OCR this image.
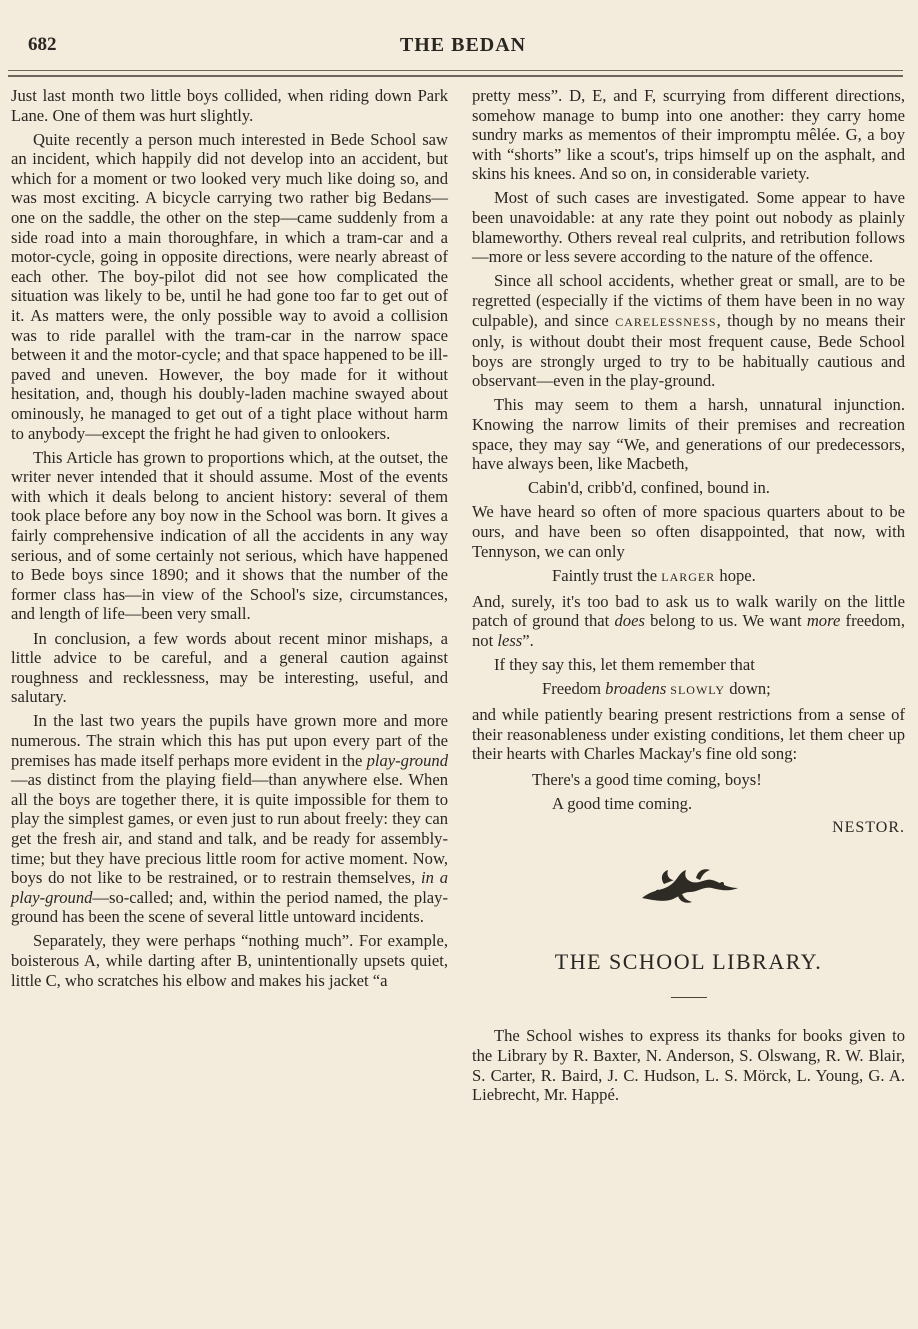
682	THE BEDAN

Just last month two little boys collided, when riding down Park Lane. One of them was hurt slightly.

Quite recently a person much interested in Bede School saw an incident, which happily did not develop into an accident, but which for a moment or two looked very much like doing so, and was most exciting. A bicycle carrying two rather big Bedans—one on the saddle, the other on the step—came suddenly from a side road into a main thoroughfare, in which a tram-car and a motor-cycle, going in opposite directions, were nearly abreast of each other. The boy-pilot did not see how complicated the situation was likely to be, until he had gone too far to get out of it. As matters were, the only possible way to avoid a collision was to ride parallel with the tram-car in the narrow space between it and the motor-cycle; and that space happened to be ill-paved and uneven. However, the boy made for it without hesitation, and, though his doubly-laden machine swayed about ominously, he managed to get out of a tight place without harm to anybody—except the fright he had given to onlookers.

This Article has grown to proportions which, at the outset, the writer never intended that it should assume. Most of the events with which it deals belong to ancient history: several of them took place before any boy now in the School was born. It gives a fairly comprehensive indication of all the accidents in any way serious, and of some certainly not serious, which have happened to Bede boys since 1890; and it shows that the number of the former class has—in view of the School's size, circumstances, and length of life—been very small.

In conclusion, a few words about recent minor mishaps, a little advice to be careful, and a general caution against roughness and recklessness, may be interesting, useful, and salutary.

In the last two years the pupils have grown more and more numerous. The strain which this has put upon every part of the premises has made itself perhaps more evident in the play-ground—as distinct from the playing field—than anywhere else. When all the boys are together there, it is quite impossible for them to play the simplest games, or even just to run about freely: they can get the fresh air, and stand and talk, and be ready for assembly-time; but they have precious little room for active moment. Now, boys do not like to be restrained, or to restrain themselves, in a play-ground—so-called; and, within the period named, the play-ground has been the scene of several little untoward incidents.

Separately, they were perhaps “nothing much”. For example, boisterous A, while darting after B, unintentionally upsets quiet, little C, who scratches his elbow and makes his jacket “a

pretty mess”. D, E, and F, scurrying from different directions, somehow manage to bump into one another: they carry home sundry marks as mementos of their impromptu mêlée. G, a boy with “shorts” like a scout's, trips himself up on the asphalt, and skins his knees. And so on, in considerable variety.

Most of such cases are investigated. Some appear to have been unavoidable: at any rate they point out nobody as plainly blameworthy. Others reveal real culprits, and retribution follows—more or less severe according to the nature of the offence.

Since all school accidents, whether great or small, are to be regretted (especially if the victims of them have been in no way culpable), and since CARELESSNESS, though by no means their only, is without doubt their most frequent cause, Bede School boys are strongly urged to try to be habitually cautious and observant—even in the play-ground.

This may seem to them a harsh, unnatural injunction. Knowing the narrow limits of their premises and recreation space, they may say “We, and generations of our predecessors, have always been, like Macbeth,

Cabin'd, cribb'd, confined, bound in.

We have heard so often of more spacious quarters about to be ours, and have been so often disappointed, that now, with Tennyson, we can only

Faintly trust the LARGER hope.

And, surely, it's too bad to ask us to walk warily on the little patch of ground that does belong to us. We want more freedom, not less”.

If they say this, let them remember that

Freedom broadens SLOWLY down;

and while patiently bearing present restrictions from a sense of their reasonableness under existing conditions, let them cheer up their hearts with Charles Mackay's fine old song:

There's a good time coming, boys!

A good time coming.

NESTOR.

THE SCHOOL LIBRARY.

The School wishes to express its thanks for books given to the Library by R. Baxter, N. Anderson, S. Olswang, R. W. Blair, S. Carter, R. Baird, J. C. Hudson, L. S. Mörck, L. Young, G. A. Liebrecht, Mr. Happé.
